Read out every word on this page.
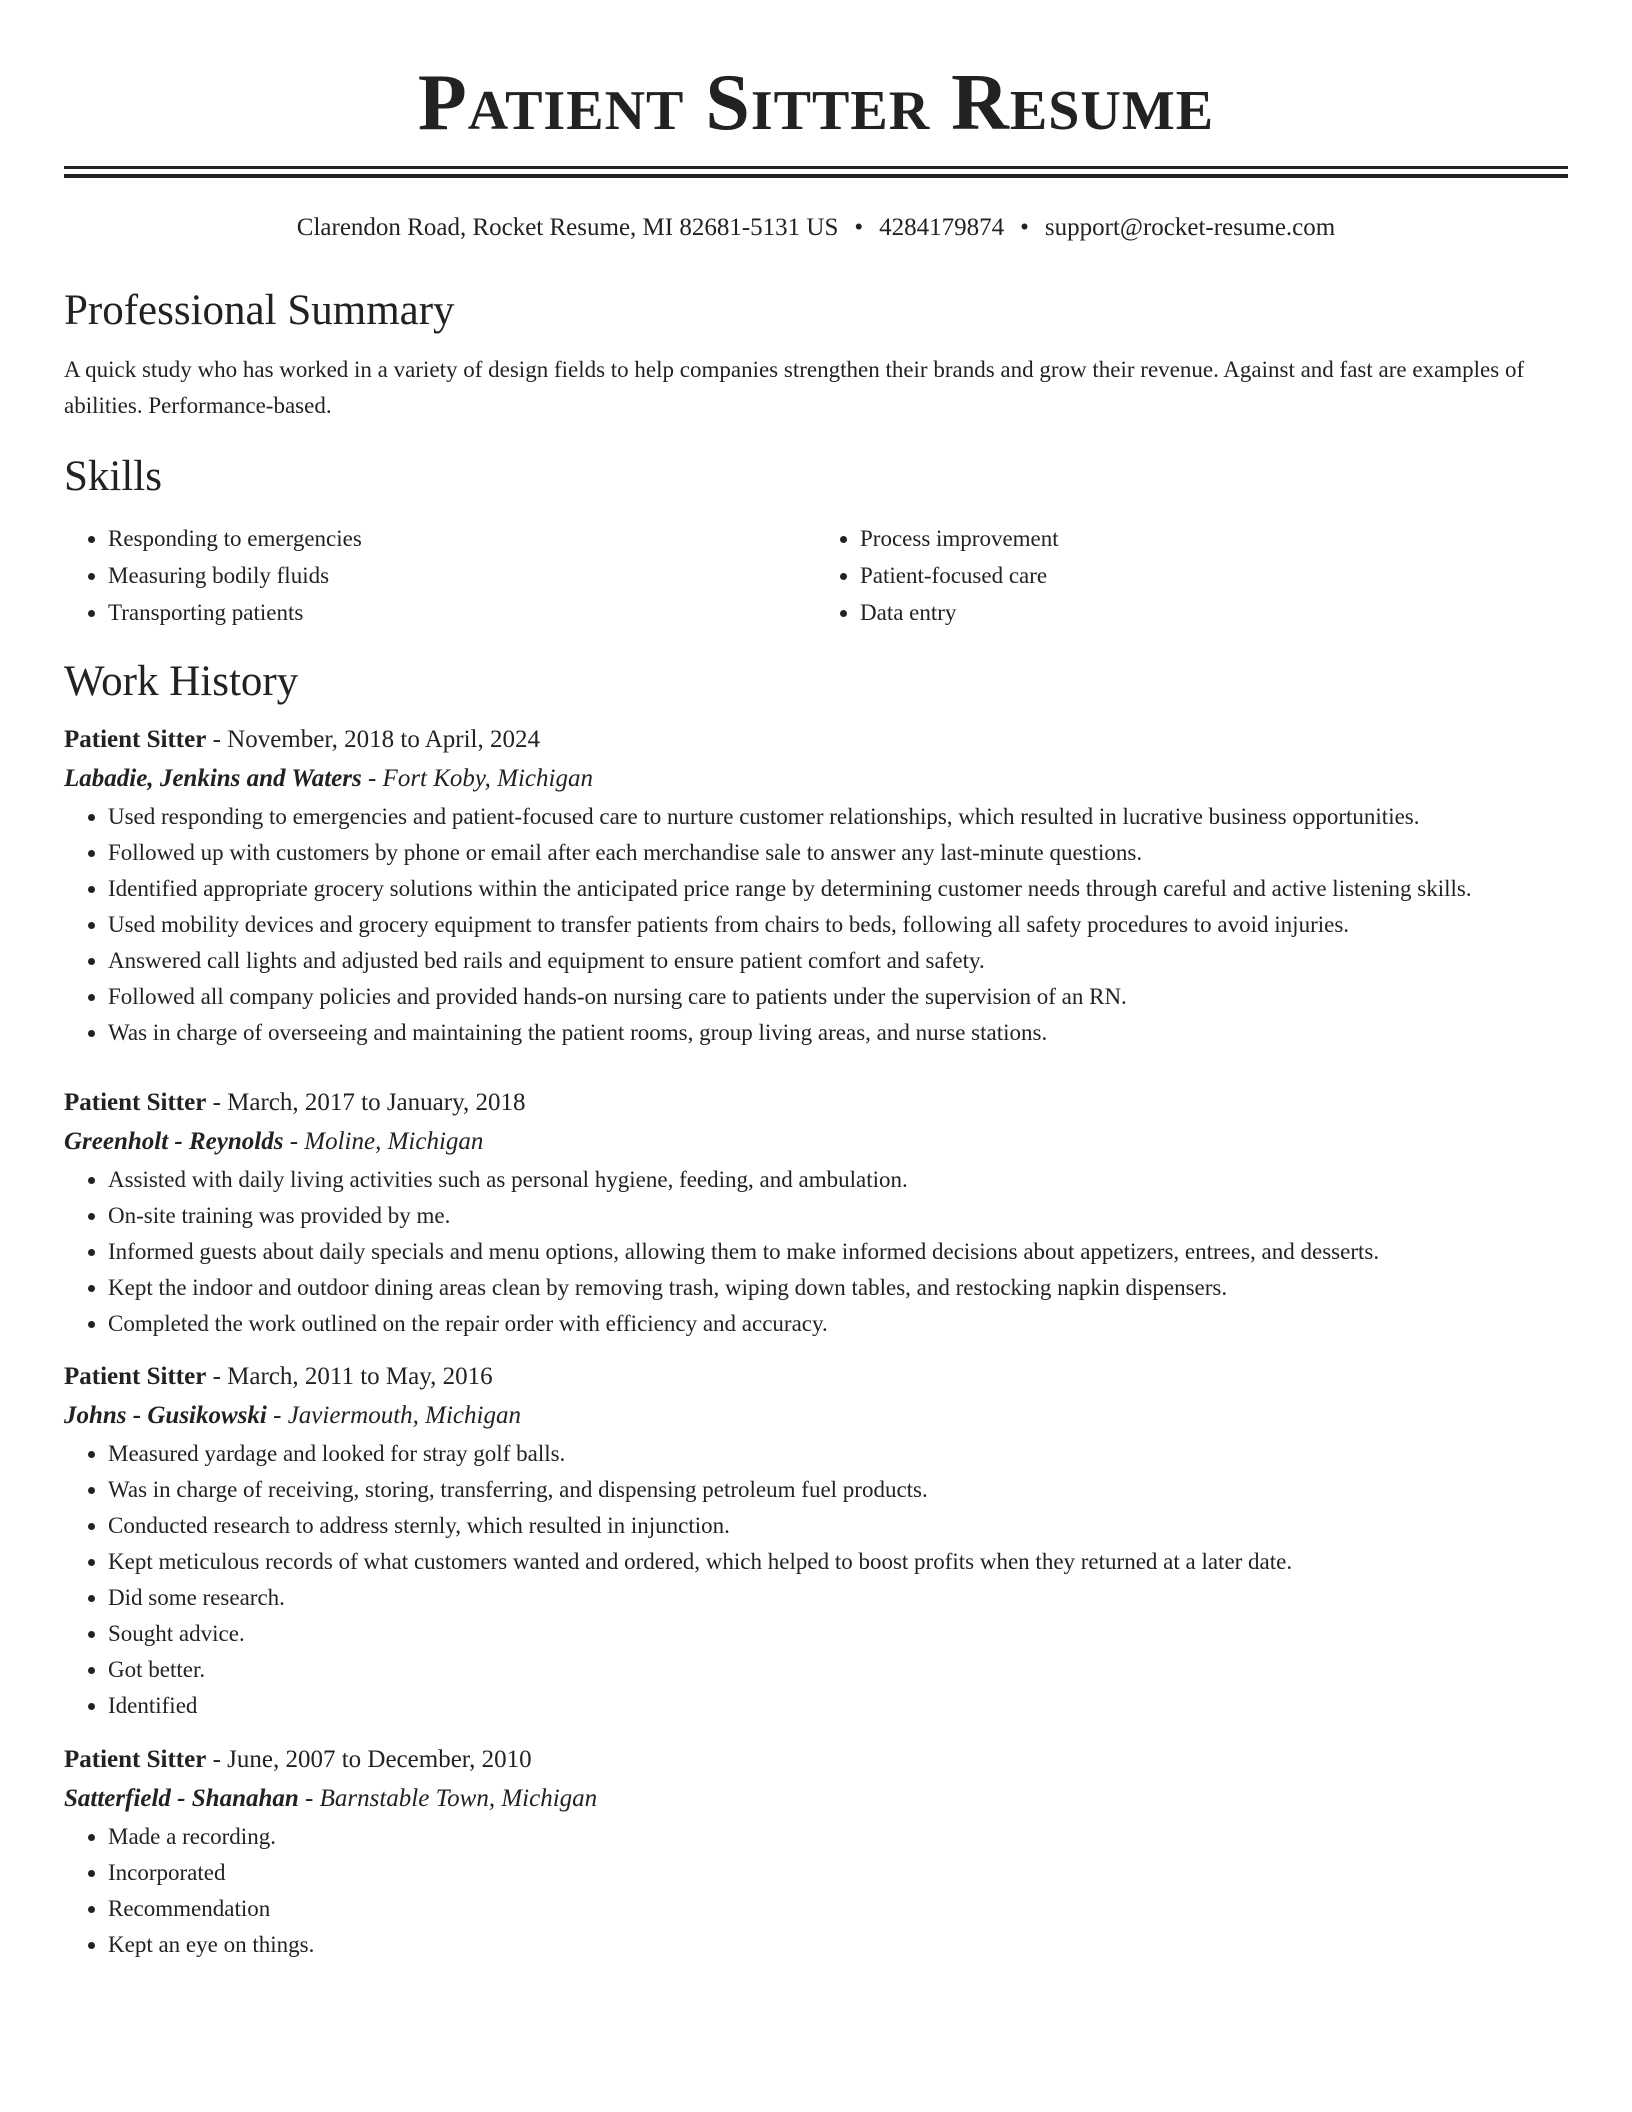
Patient Sitter Resume
Clarendon Road, Rocket Resume, MI 82681-5131 US • 4284179874 • support@rocket-resume.com
Professional Summary
A quick study who has worked in a variety of design fields to help companies strengthen their brands and grow their revenue. Against and fast are examples of abilities. Performance-based.
Skills
• Responding to emergencies
• Measuring bodily fluids
• Transporting patients
• Process improvement
• Patient-focused care
• Data entry
Work History
Patient Sitter - November, 2018 to April, 2024
Labadie, Jenkins and Waters - Fort Koby, Michigan
• Used responding to emergencies and patient-focused care to nurture customer relationships, which resulted in lucrative business opportunities.
• Followed up with customers by phone or email after each merchandise sale to answer any last-minute questions.
• Identified appropriate grocery solutions within the anticipated price range by determining customer needs through careful and active listening skills.
• Used mobility devices and grocery equipment to transfer patients from chairs to beds, following all safety procedures to avoid injuries.
• Answered call lights and adjusted bed rails and equipment to ensure patient comfort and safety.
• Followed all company policies and provided hands-on nursing care to patients under the supervision of an RN.
• Was in charge of overseeing and maintaining the patient rooms, group living areas, and nurse stations.
Patient Sitter - March, 2017 to January, 2018
Greenholt - Reynolds - Moline, Michigan
• Assisted with daily living activities such as personal hygiene, feeding, and ambulation.
• On-site training was provided by me.
• Informed guests about daily specials and menu options, allowing them to make informed decisions about appetizers, entrees, and desserts.
• Kept the indoor and outdoor dining areas clean by removing trash, wiping down tables, and restocking napkin dispensers.
• Completed the work outlined on the repair order with efficiency and accuracy.
Patient Sitter - March, 2011 to May, 2016
Johns - Gusikowski - Javiermouth, Michigan
• Measured yardage and looked for stray golf balls.
• Was in charge of receiving, storing, transferring, and dispensing petroleum fuel products.
• Conducted research to address sternly, which resulted in injunction.
• Kept meticulous records of what customers wanted and ordered, which helped to boost profits when they returned at a later date.
• Did some research.
• Sought advice.
• Got better.
• Identified
Patient Sitter - June, 2007 to December, 2010
Satterfield - Shanahan - Barnstable Town, Michigan
• Made a recording.
• Incorporated
• Recommendation
• Kept an eye on things.
